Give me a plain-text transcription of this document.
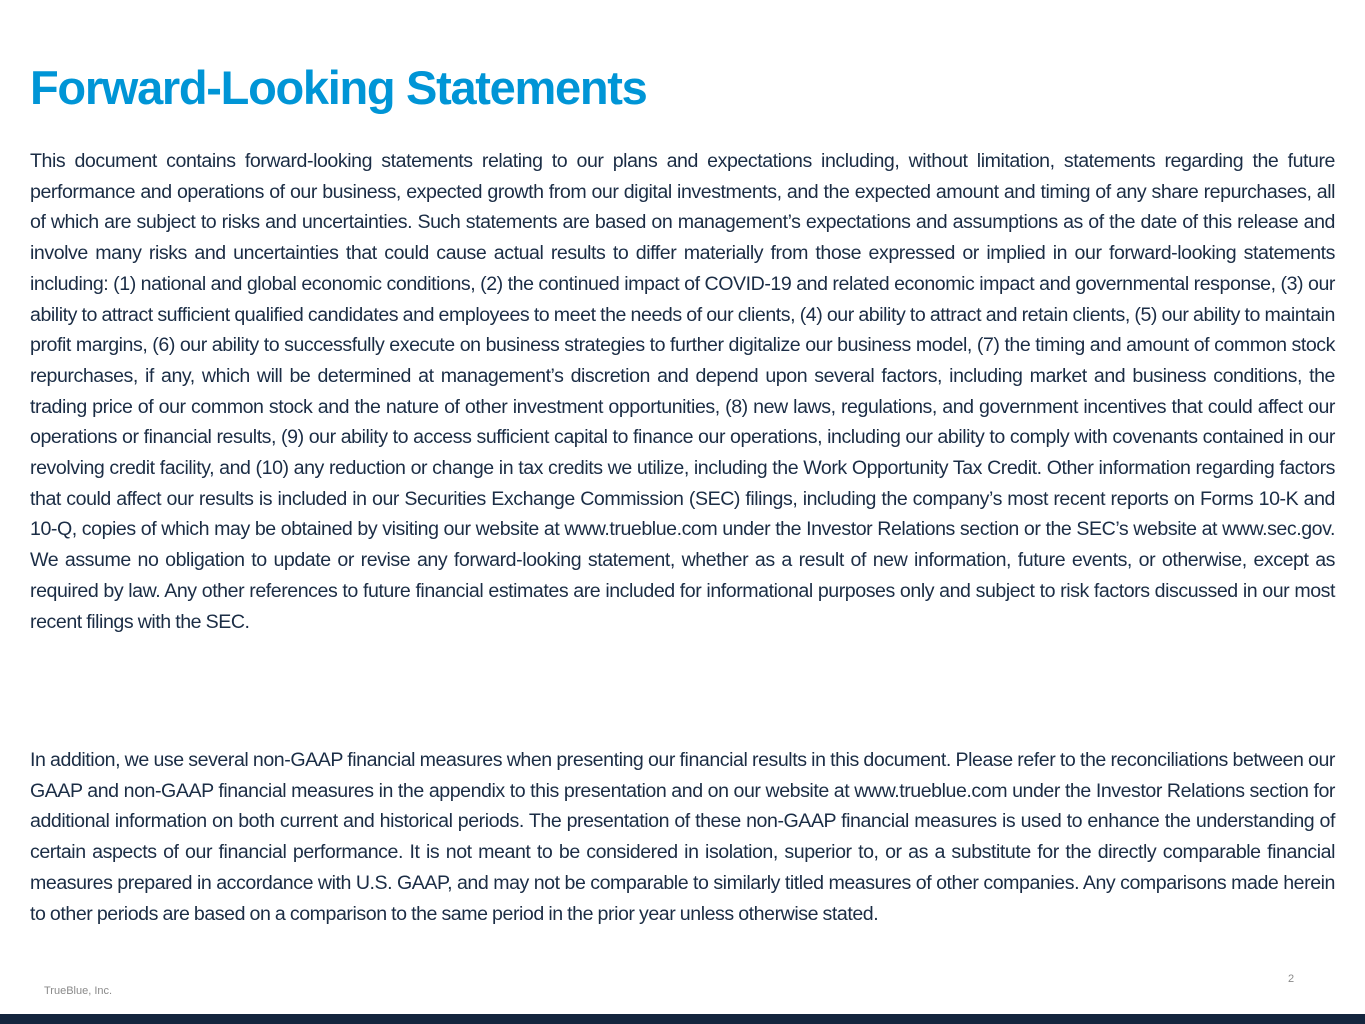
Forward-Looking Statements

This document contains forward-looking statements relating to our plans and expectations including, without limitation, statements regarding the future performance and operations of our business, expected growth from our digital investments, and the expected amount and timing of any share repurchases, all of which are subject to risks and uncertainties. Such statements are based on management’s expectations and assumptions as of the date of this release and involve many risks and uncertainties that could cause actual results to differ materially from those expressed or implied in our forward-looking statements including: (1) national and global economic conditions, (2) the continued impact of COVID-19 and related economic impact and governmental response, (3) our ability to attract sufficient qualified candidates and employees to meet the needs of our clients, (4) our ability to attract and retain clients, (5) our ability to maintain profit margins, (6) our ability to successfully execute on business strategies to further digitalize our business model, (7) the timing and amount of common stock repurchases, if any, which will be determined at management’s discretion and depend upon several factors, including market and business conditions, the trading price of our common stock and the nature of other investment opportunities, (8) new laws, regulations, and government incentives that could affect our operations or financial results, (9) our ability to access sufficient capital to finance our operations, including our ability to comply with covenants contained in our revolving credit facility, and (10) any reduction or change in tax credits we utilize, including the Work Opportunity Tax Credit. Other information regarding factors that could affect our results is included in our Securities Exchange Commission (SEC) filings, including the company’s most recent reports on Forms 10-K and 10-Q, copies of which may be obtained by visiting our website at www.trueblue.com under the Investor Relations section or the SEC’s website at www.sec.gov. We assume no obligation to update or revise any forward-looking statement, whether as a result of new information, future events, or otherwise, except as required by law. Any other references to future financial estimates are included for informational purposes only and subject to risk factors discussed in our most recent filings with the SEC.

In addition, we use several non-GAAP financial measures when presenting our financial results in this document. Please refer to the reconciliations between our GAAP and non-GAAP financial measures in the appendix to this presentation and on our website at www.trueblue.com under the Investor Relations section for additional information on both current and historical periods. The presentation of these non-GAAP financial measures is used to enhance the understanding of certain aspects of our financial performance. It is not meant to be considered in isolation, superior to, or as a substitute for the directly comparable financial measures prepared in accordance with U.S. GAAP, and may not be comparable to similarly titled measures of other companies. Any comparisons made herein to other periods are based on a comparison to the same period in the prior year unless otherwise stated.

2
TrueBlue, Inc.
